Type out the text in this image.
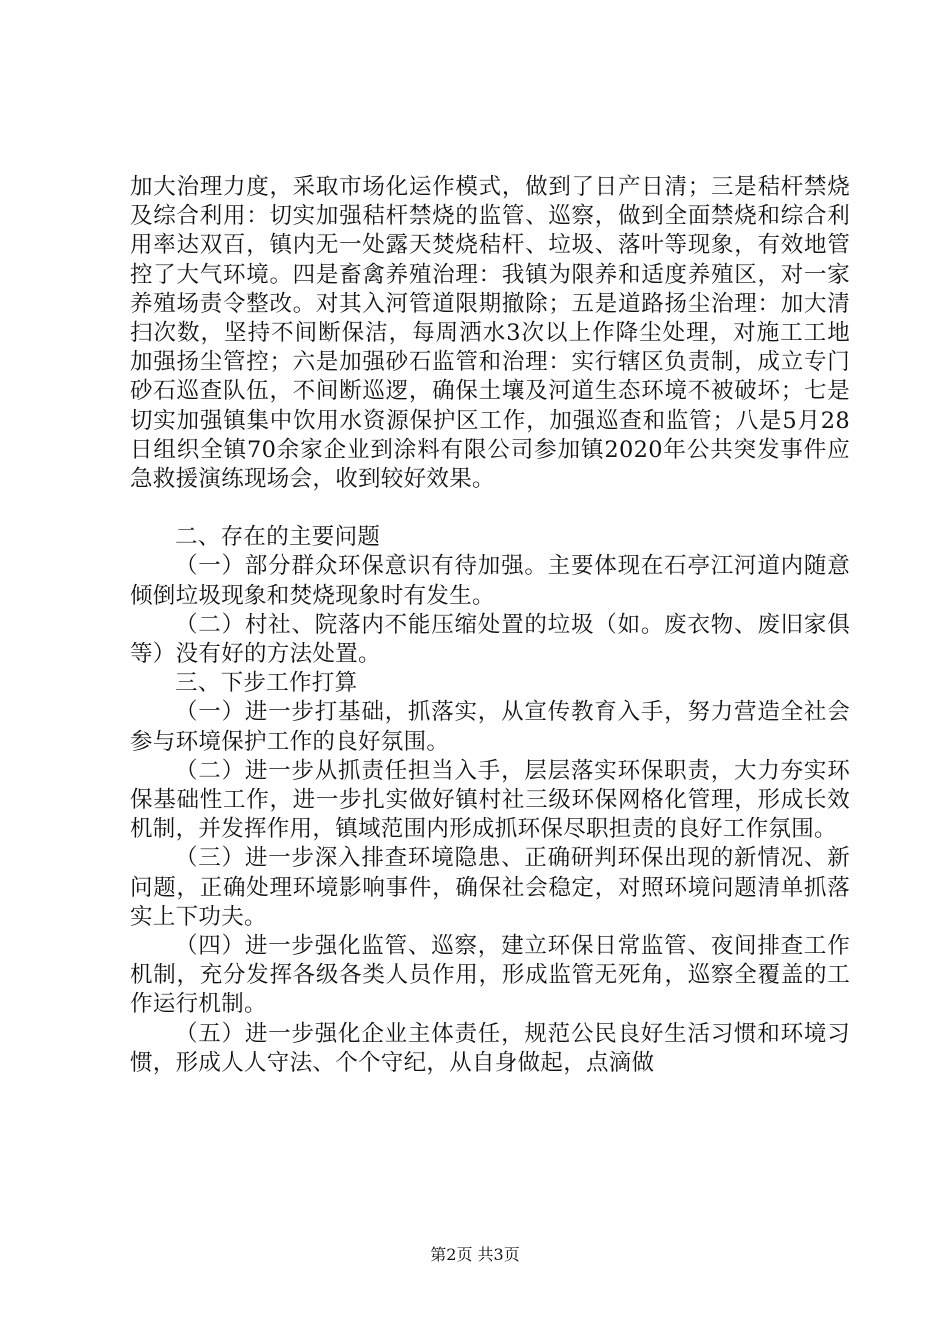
加大治理力度，采取市场化运作模式，做到了日产日清；三是秸杆禁烧及综合利用：切实加强秸杆禁烧的监管、巡察，做到全面禁烧和综合利用率达双百，镇内无一处露天焚烧秸杆、垃圾、落叶等现象，有效地管控了大气环境。四是畜禽养殖治理：我镇为限养和适度养殖区，对一家养殖场责令整改。对其入河管道限期撤除；五是道路扬尘治理：加大清扫次数，坚持不间断保洁，每周洒水3次以上作降尘处理，对施工工地加强扬尘管控；六是加强砂石监管和治理：实行辖区负责制，成立专门砂石巡查队伍，不间断巡逻，确保土壤及河道生态环境不被破坏；七是切实加强镇集中饮用水资源保护区工作，加强巡查和监管；八是5月28日组织全镇70余家企业到涂料有限公司参加镇2020年公共突发事件应急救援演练现场会，收到较好效果。

二、存在的主要问题

（一）部分群众环保意识有待加强。主要体现在石亭江河道内随意倾倒垃圾现象和焚烧现象时有发生。

（二）村社、院落内不能压缩处置的垃圾（如。废衣物、废旧家俱等）没有好的方法处置。

三、下步工作打算

（一）进一步打基础，抓落实，从宣传教育入手，努力营造全社会参与环境保护工作的良好氛围。

（二）进一步从抓责任担当入手，层层落实环保职责，大力夯实环保基础性工作，进一步扎实做好镇村社三级环保网格化管理，形成长效机制，并发挥作用，镇域范围内形成抓环保尽职担责的良好工作氛围。

（三）进一步深入排查环境隐患、正确研判环保出现的新情况、新问题，正确处理环境影响事件，确保社会稳定，对照环境问题清单抓落实上下功夫。

（四）进一步强化监管、巡察，建立环保日常监管、夜间排查工作机制，充分发挥各级各类人员作用，形成监管无死角，巡察全覆盖的工作运行机制。

（五）进一步强化企业主体责任，规范公民良好生活习惯和环境习惯，形成人人守法、个个守纪，从自身做起，点滴做

第2页 共3页
